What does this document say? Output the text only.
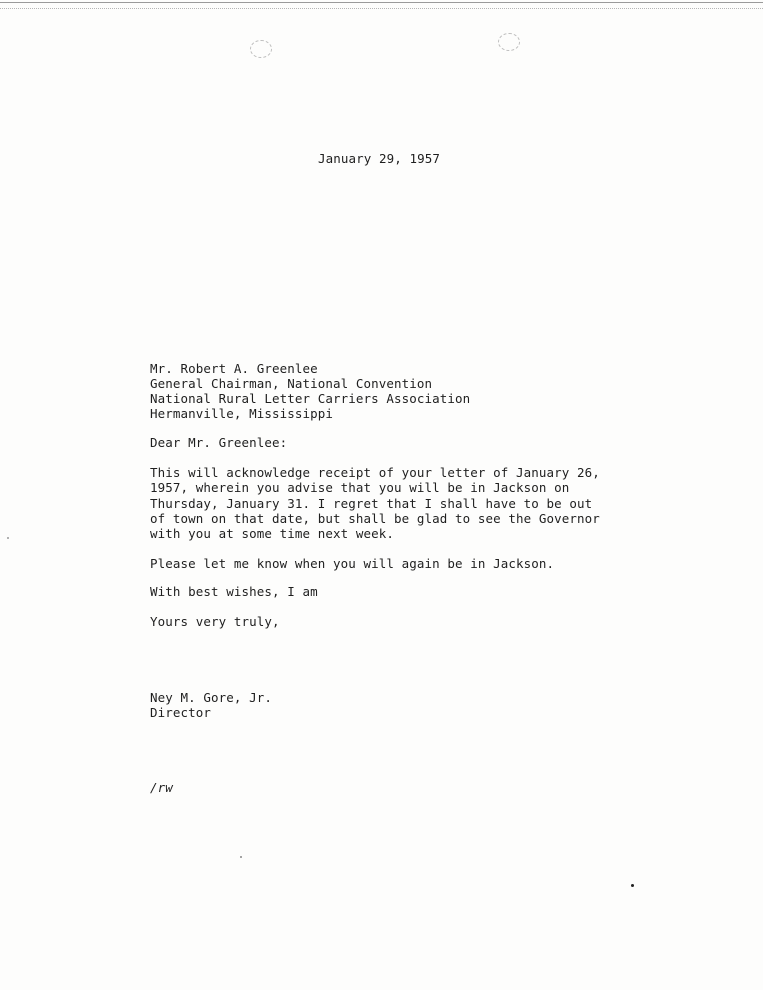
January 29, 1957
Mr. Robert A. Greenlee
General Chairman, National Convention
National Rural Letter Carriers Association
Hermanville, Mississippi
Dear Mr. Greenlee:
This will acknowledge receipt of your letter of January 26,
1957, wherein you advise that you will be in Jackson on
Thursday, January 31. I regret that I shall have to be out
of town on that date, but shall be glad to see the Governor
with you at some time next week.
Please let me know when you will again be in Jackson.
With best wishes, I am
Yours very truly,
Ney M. Gore, Jr.
Director
/rw
